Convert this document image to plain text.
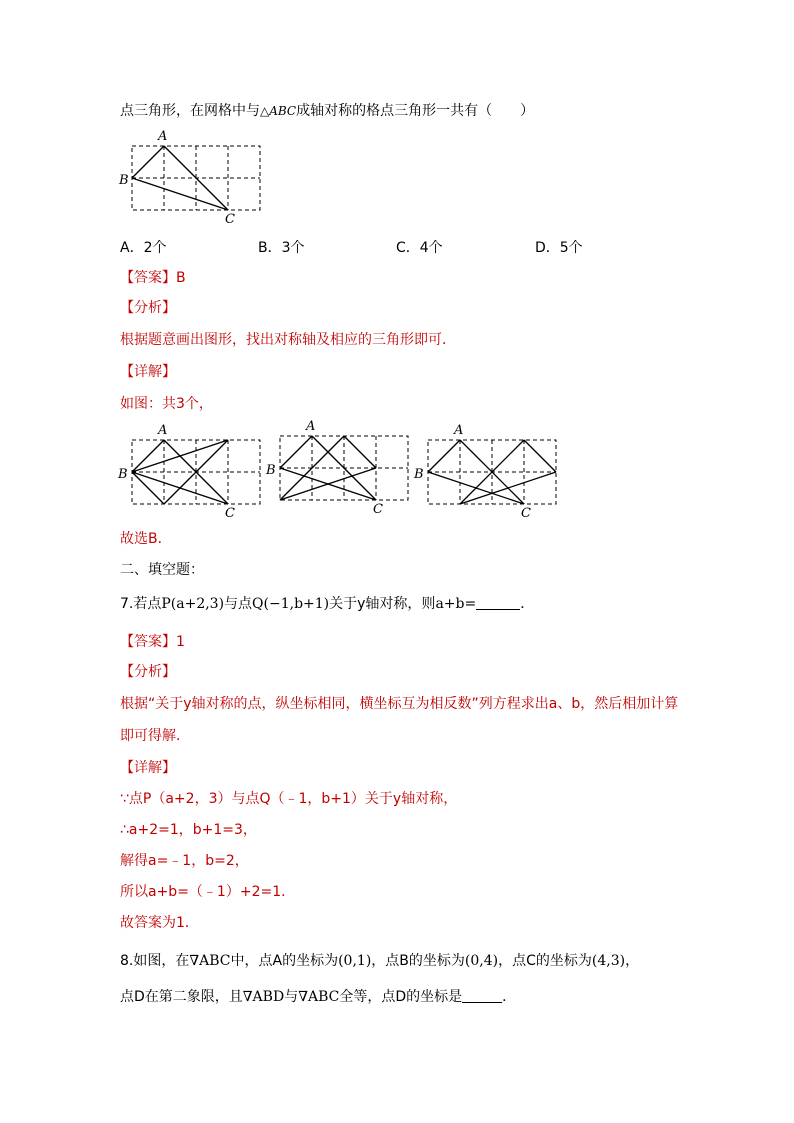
点三角形，在网格中与△ABC成轴对称的格点三角形一共有（　　）
A
B
C
A．2个	B．3个	C．4个	D．5个
【答案】B
【分析】
根据题意画出图形，找出对称轴及相应的三角形即可．
【详解】
如图：共3个，
A
B
C
A
B
C
A
B
C
故选B．
二、填空题：
7.若点P(a+2,3)与点Q(−1,b+1)关于y轴对称，则a+b=	．
【答案】1
【分析】
根据“关于y轴对称的点，纵坐标相同，横坐标互为相反数”列方程求出a、b，然后相加计算
即可得解．
【详解】
∵点P（a+2，3）与点Q（﹣1，b+1）关于y轴对称，
∴a+2=1，b+1=3，
解得a=﹣1，b=2，
所以a+b=（﹣1）+2=1．
故答案为1．
8.如图，在∇ABC中，点A的坐标为(0,1)，点B的坐标为(0,4)，点C的坐标为(4,3)，
点D在第二象限，且∇ABD与∇ABC全等，点D的坐标是	．
